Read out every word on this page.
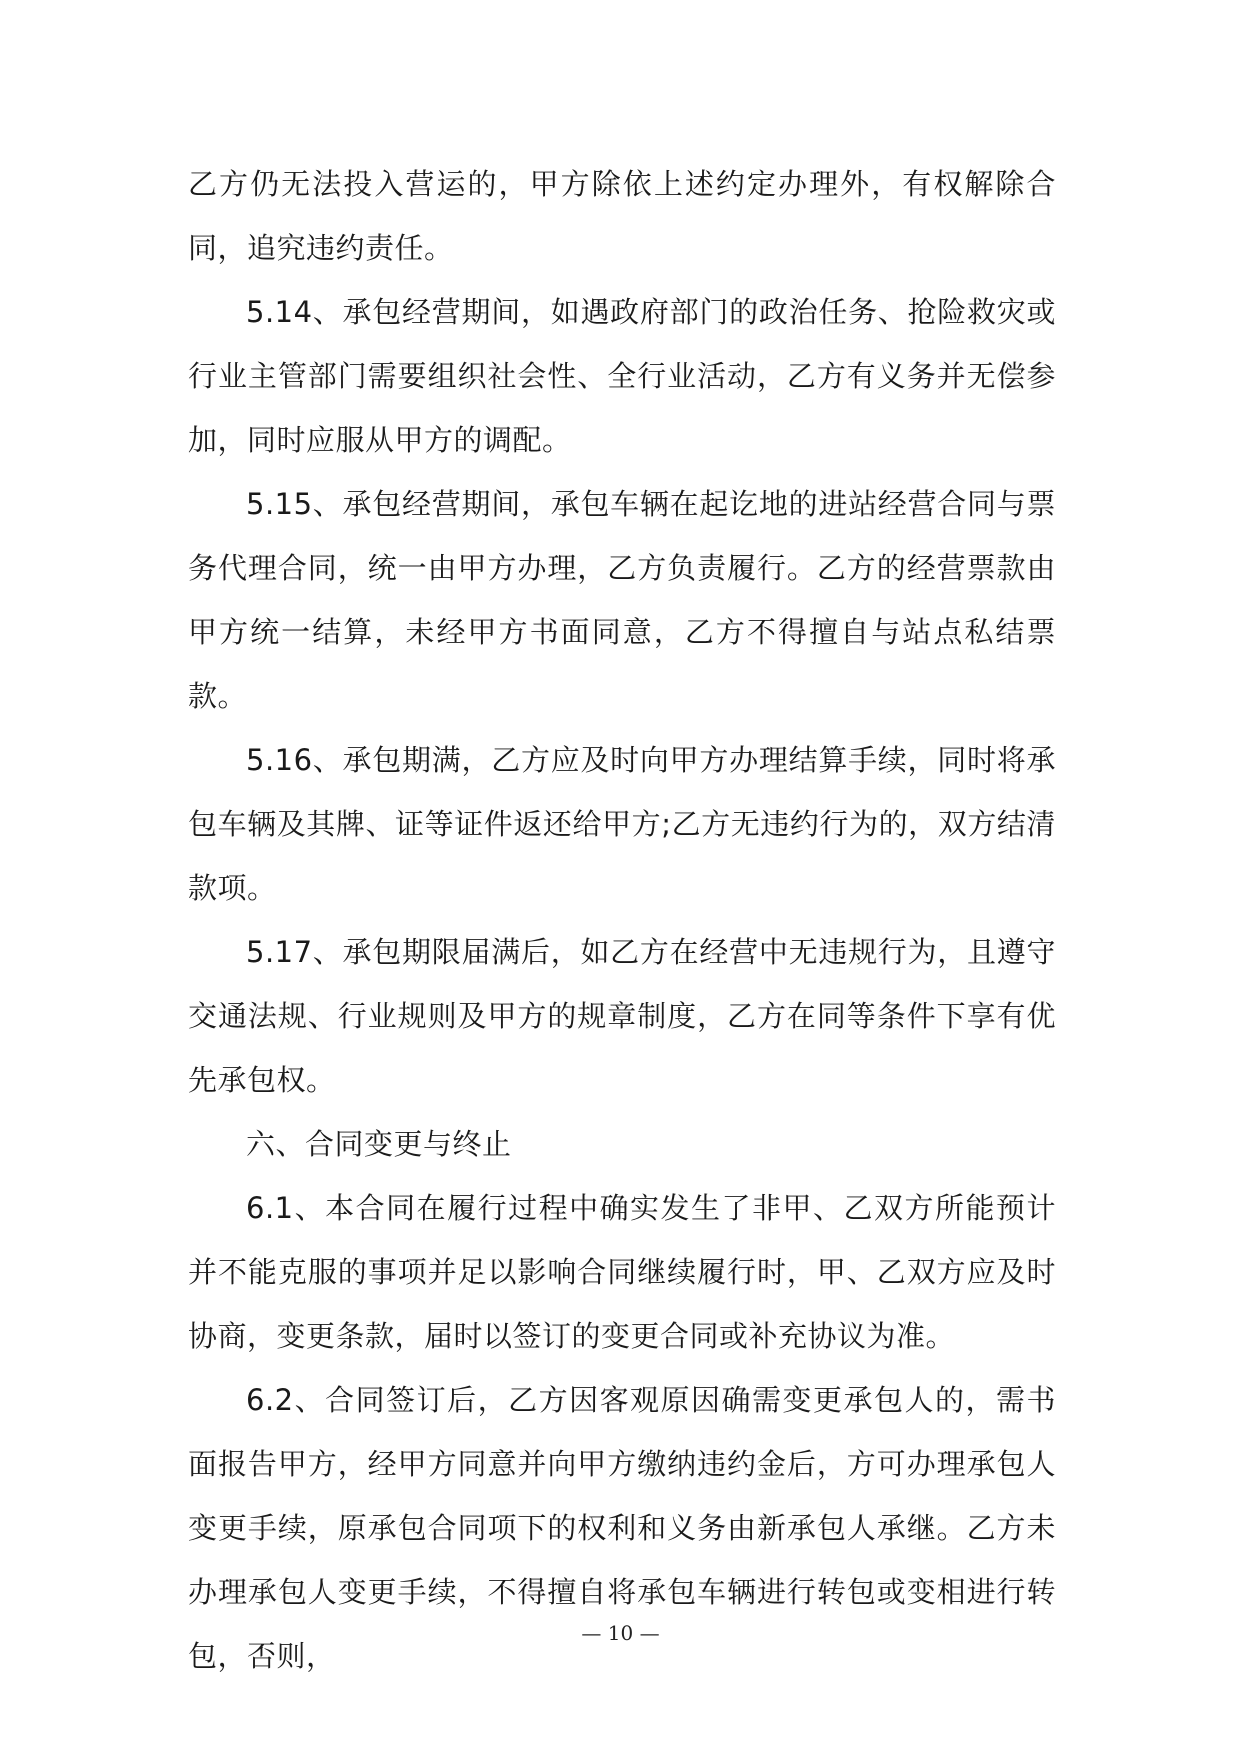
乙方仍无法投入营运的，甲方除依上述约定办理外，有权解除合同，追究违约责任。

5.14、承包经营期间，如遇政府部门的政治任务、抢险救灾或行业主管部门需要组织社会性、全行业活动，乙方有义务并无偿参加，同时应服从甲方的调配。

5.15、承包经营期间，承包车辆在起讫地的进站经营合同与票务代理合同，统一由甲方办理，乙方负责履行。乙方的经营票款由甲方统一结算，未经甲方书面同意，乙方不得擅自与站点私结票款。

5.16、承包期满，乙方应及时向甲方办理结算手续，同时将承包车辆及其牌、证等证件返还给甲方;乙方无违约行为的，双方结清款项。

5.17、承包期限届满后，如乙方在经营中无违规行为，且遵守交通法规、行业规则及甲方的规章制度，乙方在同等条件下享有优先承包权。

六、合同变更与终止

6.1、本合同在履行过程中确实发生了非甲、乙双方所能预计并不能克服的事项并足以影响合同继续履行时，甲、乙双方应及时协商，变更条款，届时以签订的变更合同或补充协议为准。

6.2、合同签订后，乙方因客观原因确需变更承包人的，需书面报告甲方，经甲方同意并向甲方缴纳违约金后，方可办理承包人变更手续，原承包合同项下的权利和义务由新承包人承继。乙方未办理承包人变更手续，不得擅自将承包车辆进行转包或变相进行转包，否则，

— 10 —
